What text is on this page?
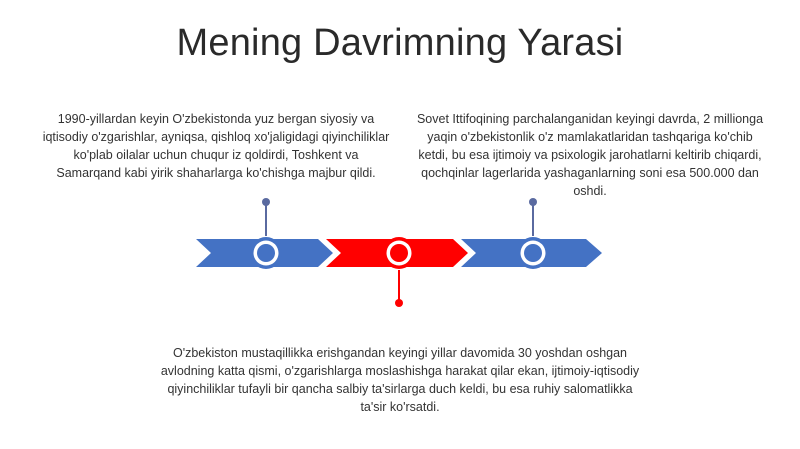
Mening Davrimning Yarasi
1990-yillardan keyin O'zbekistonda yuz bergan siyosiy va iqtisodiy o'zgarishlar, ayniqsa, qishloq xo'jaligidagi qiyinchiliklar ko'plab oilalar uchun chuqur iz qoldirdi, Toshkent va Samarqand kabi yirik shaharlarga ko'chishga majbur qildi.
Sovet Ittifoqining parchalanganidan keyingi davrda, 2 millionga yaqin o'zbekistonlik o'z mamlakatlaridan tashqariga ko'chib ketdi, bu esa ijtimoiy va psixologik jarohatlarni keltirib chiqardi, qochqinlar lagerlarida yashaganlarning soni esa 500.000 dan oshdi.
O'zbekiston mustaqillikka erishgandan keyingi yillar davomida 30 yoshdan oshgan avlodning katta qismi, o'zgarishlarga moslashishga harakat qilar ekan, ijtimoiy-iqtisodiy qiyinchiliklar tufayli bir qancha salbiy ta'sirlarga duch keldi, bu esa ruhiy salomatlikka ta'sir ko'rsatdi.
